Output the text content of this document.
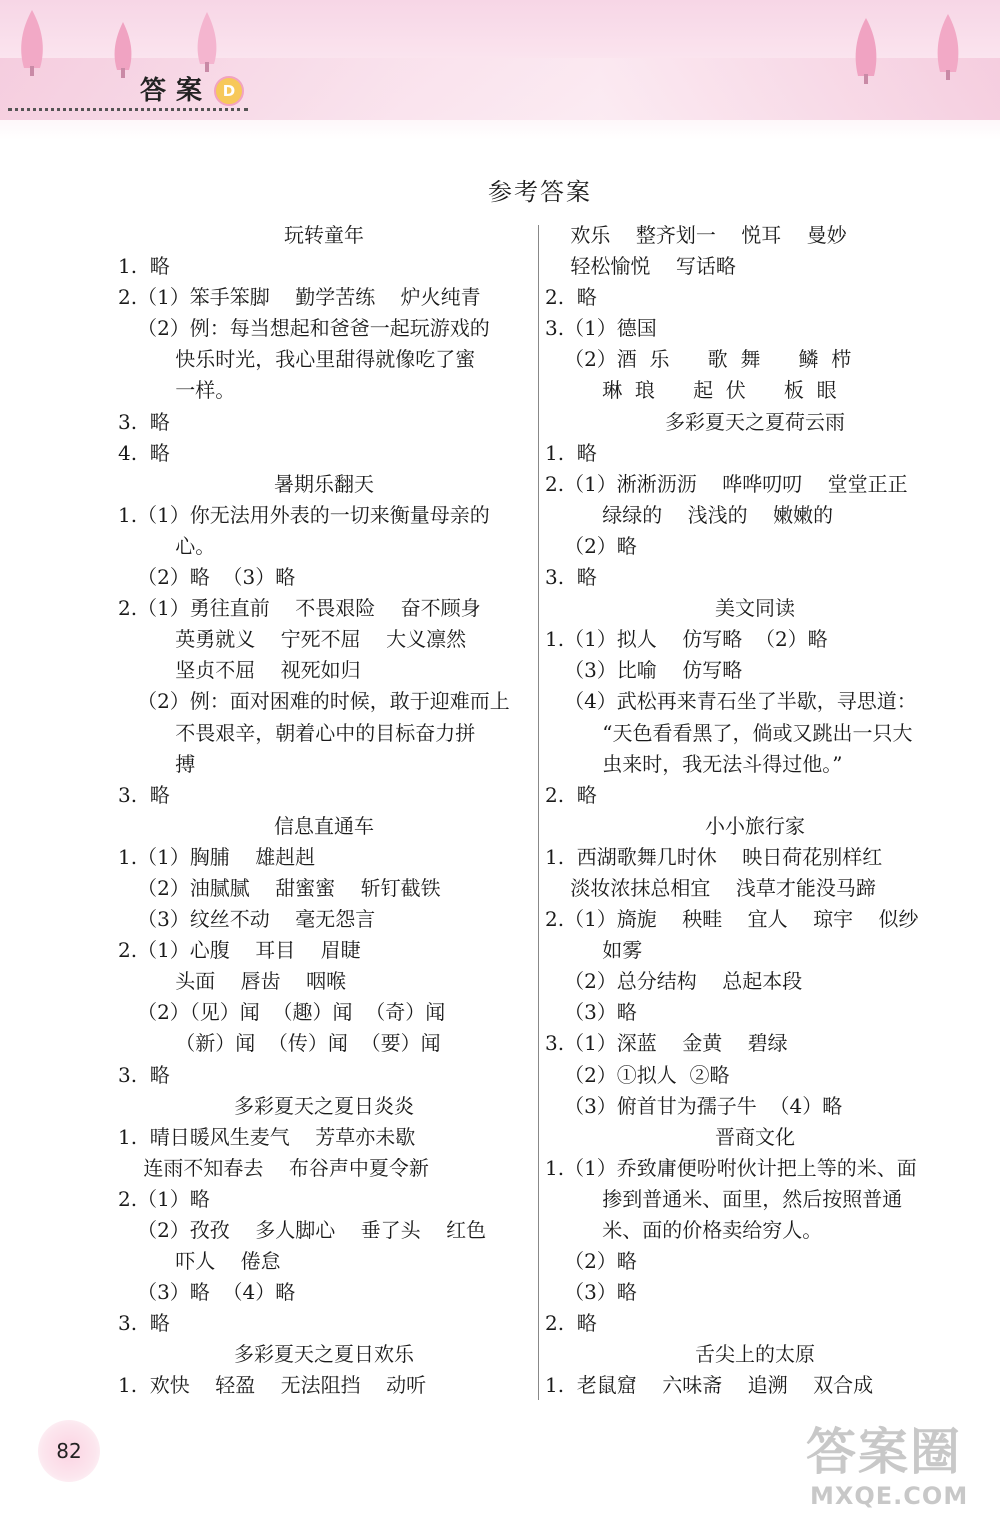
答案 D
参考答案
玩转童年
1.  略
2.（1）笨手笨脚    勤学苦练    炉火纯青
（2）例：每当想起和爸爸一起玩游戏的
快乐时光，我心里甜得就像吃了蜜
一样。
3.  略
4.  略
暑期乐翻天
1.（1）你无法用外表的一切来衡量母亲的
心。
（2）略  （3）略
2.（1）勇往直前    不畏艰险    奋不顾身
英勇就义    宁死不屈    大义凛然
坚贞不屈    视死如归
（2）例：面对困难的时候，敢于迎难而上
不畏艰辛，朝着心中的目标奋力拼
搏
3.  略
信息直通车
1.（1）胸脯    雄赳赳
（2）油腻腻    甜蜜蜜    斩钉截铁
（3）纹丝不动    毫无怨言
2.（1）心腹    耳目    眉睫
头面    唇齿    咽喉
（2）（见）闻  （趣）闻  （奇）闻
（新）闻  （传）闻  （要）闻
3.  略
多彩夏天之夏日炎炎
1.  晴日暖风生麦气    芳草亦未歇
连雨不知春去    布谷声中夏令新
2.（1）略
（2）孜孜    多人脚心    垂了头    红色
吓人    倦怠
（3）略  （4）略
3.  略
多彩夏天之夏日欢乐
1.  欢快    轻盈    无法阻挡    动听
欢乐    整齐划一    悦耳    曼妙
轻松愉悦    写话略
2.  略
3.（1）德国
（2）酒  乐      歌  舞      鳞  栉
琳  琅      起  伏      板  眼
多彩夏天之夏荷云雨
1.  略
2.（1）淅淅沥沥    哗哗叨叨    堂堂正正
绿绿的    浅浅的    嫩嫩的
（2）略
3.  略
美文同读
1.（1）拟人    仿写略  （2）略
（3）比喻    仿写略
（4）武松再来青石坐了半歇，寻思道：
“天色看看黑了，倘或又跳出一只大
虫来时，我无法斗得过他。”
2.  略
小小旅行家
1.  西湖歌舞几时休    映日荷花别样红
淡妆浓抹总相宜    浅草才能没马蹄
2.（1）旖旎    秧畦    宜人    琼宇    似纱
如雾
（2）总分结构    总起本段
（3）略
3.（1）深蓝    金黄    碧绿
（2）①拟人  ②略
（3）俯首甘为孺子牛  （4）略
晋商文化
1.（1）乔致庸便吩咐伙计把上等的米、面
掺到普通米、面里，然后按照普通
米、面的价格卖给穷人。
（2）略
（3）略
2.  略
舌尖上的太原
1.  老鼠窟    六味斋    追溯    双合成
82	答案圈
MXQE.COM
